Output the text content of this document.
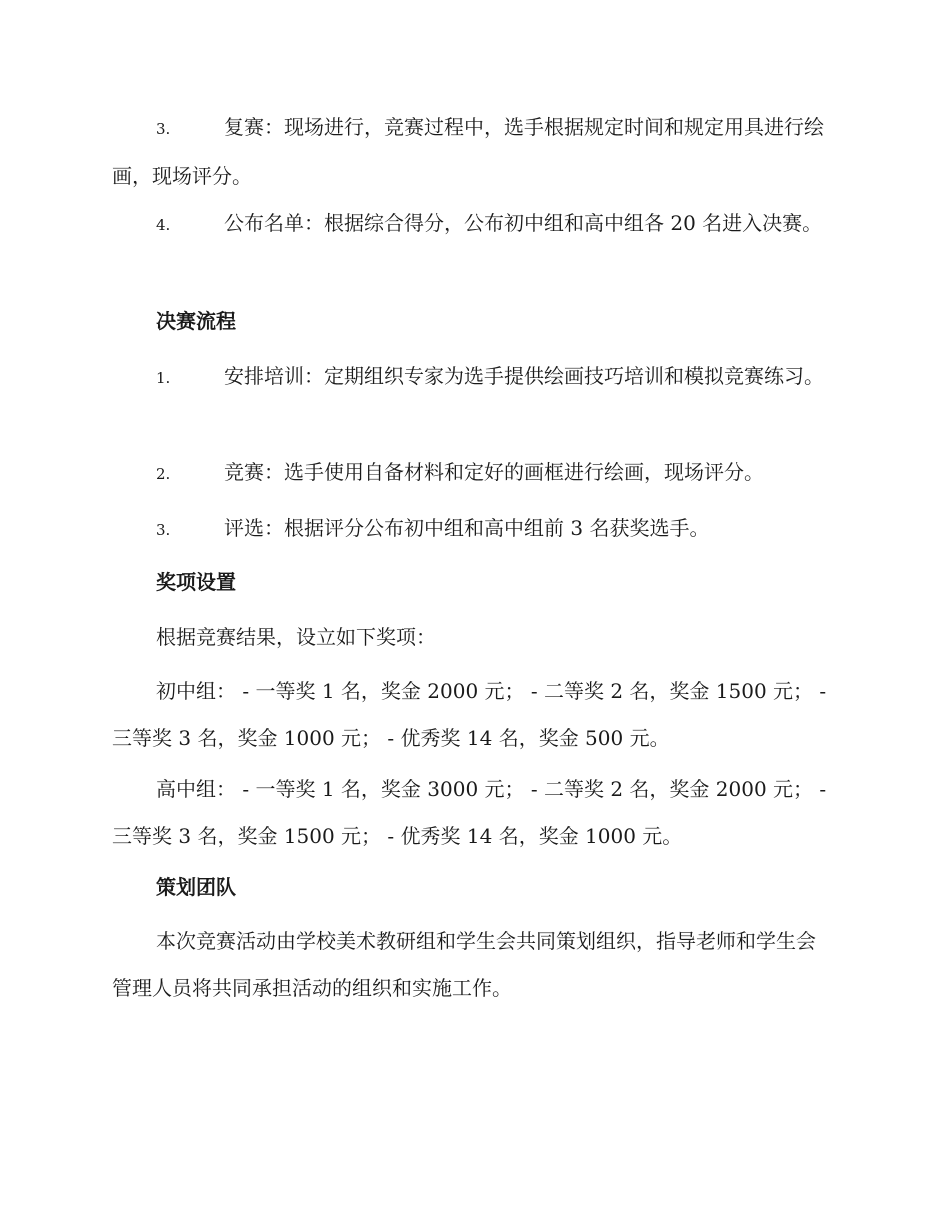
3.	复赛：现场进行，竞赛过程中，选手根据规定时间和规定用具进行绘画，现场评分。

4.	公布名单：根据综合得分，公布初中组和高中组各 20 名进入决赛。

决赛流程

1.	安排培训：定期组织专家为选手提供绘画技巧培训和模拟竞赛练习。

2.	竞赛：选手使用自备材料和定好的画框进行绘画，现场评分。

3.	评选：根据评分公布初中组和高中组前 3 名获奖选手。

奖项设置

根据竞赛结果，设立如下奖项：

初中组： - 一等奖 1 名，奖金 2000 元； - 二等奖 2 名，奖金 1500 元； - 三等奖 3 名，奖金 1000 元； - 优秀奖 14 名，奖金 500 元。

高中组： - 一等奖 1 名，奖金 3000 元； - 二等奖 2 名，奖金 2000 元； - 三等奖 3 名，奖金 1500 元； - 优秀奖 14 名，奖金 1000 元。

策划团队

本次竞赛活动由学校美术教研组和学生会共同策划组织，指导老师和学生会管理人员将共同承担活动的组织和实施工作。
